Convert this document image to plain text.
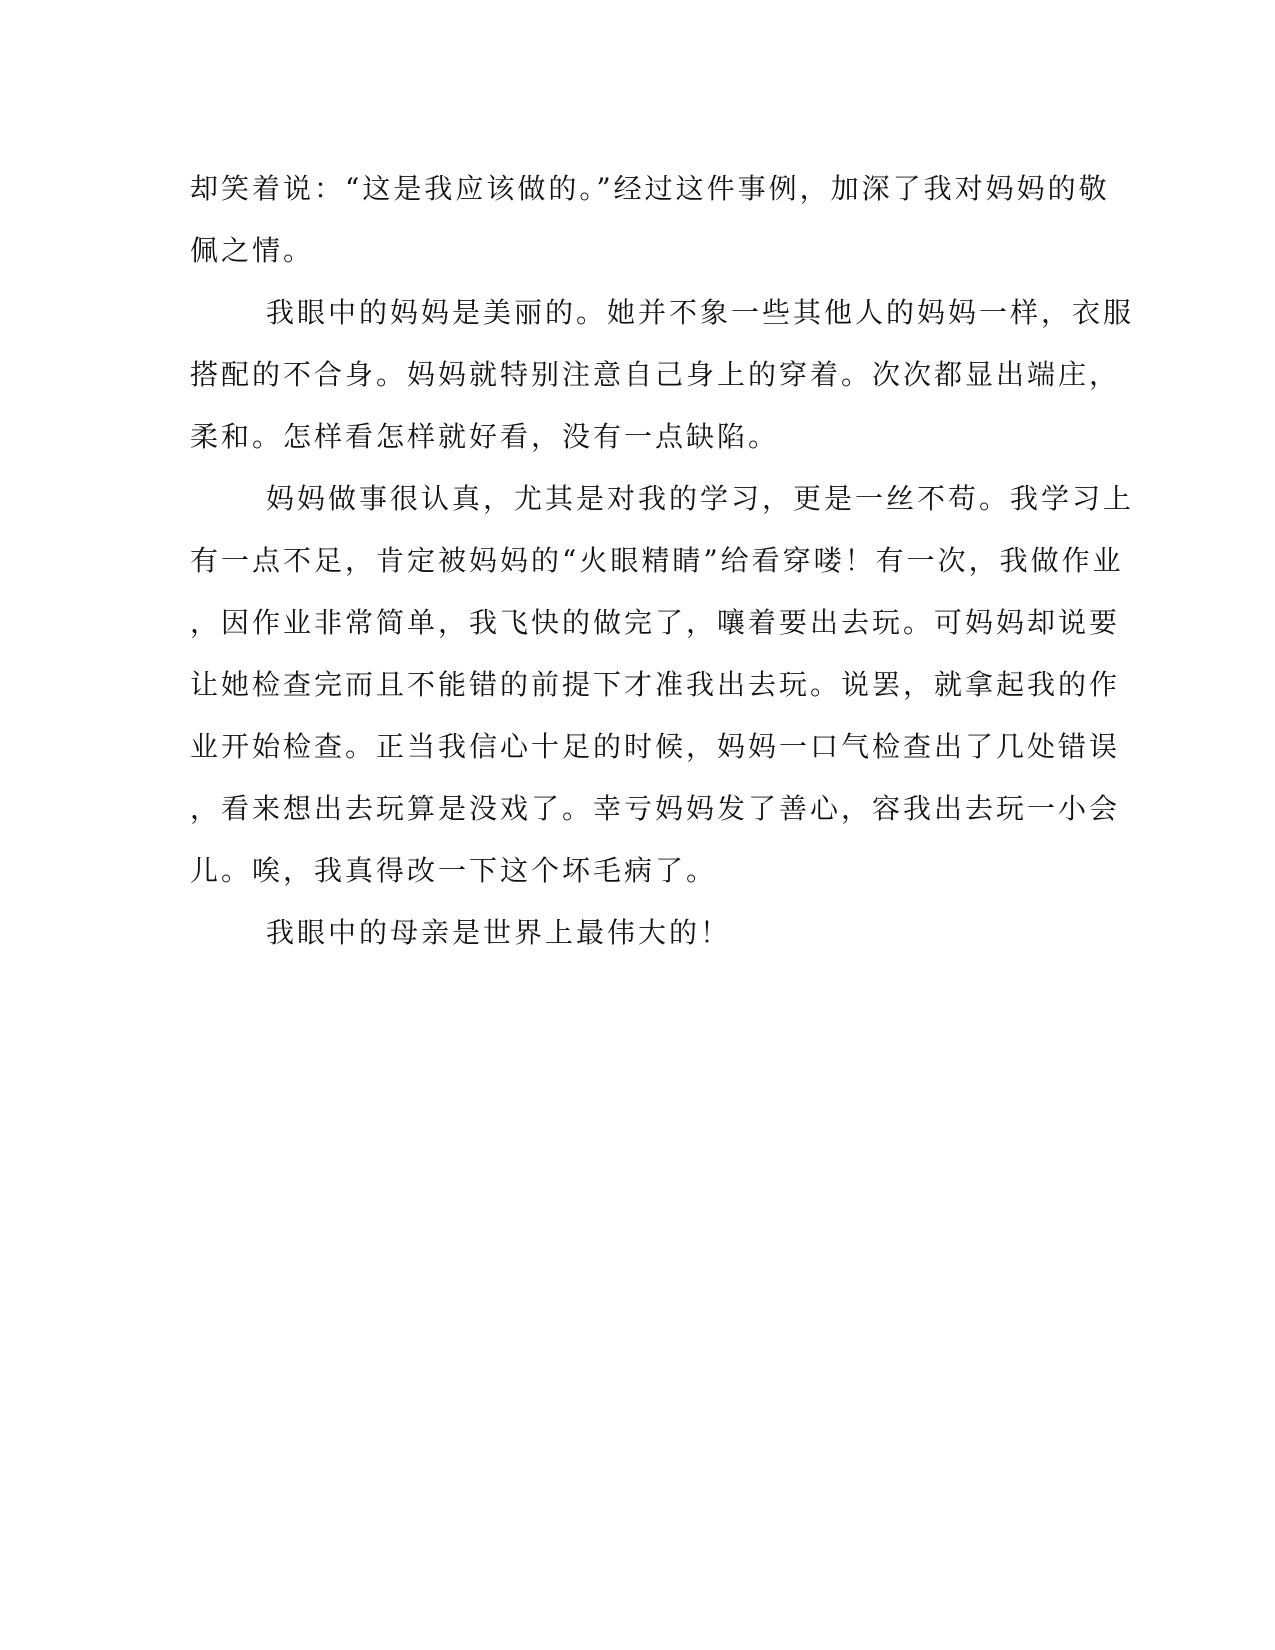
却笑着说：“这是我应该做的。”经过这件事例，加深了我对妈妈的敬
佩之情。
我眼中的妈妈是美丽的。她并不象一些其他人的妈妈一样，衣服
搭配的不合身。妈妈就特别注意自己身上的穿着。次次都显出端庄，
柔和。怎样看怎样就好看，没有一点缺陷。
妈妈做事很认真，尤其是对我的学习，更是一丝不苟。我学习上
有一点不足，肯定被妈妈的“火眼精睛”给看穿喽！有一次，我做作业
，因作业非常简单，我飞快的做完了，嚷着要出去玩。可妈妈却说要
让她检查完而且不能错的前提下才准我出去玩。说罢，就拿起我的作
业开始检查。正当我信心十足的时候，妈妈一口气检查出了几处错误
，看来想出去玩算是没戏了。幸亏妈妈发了善心，容我出去玩一小会
儿。唉，我真得改一下这个坏毛病了。
我眼中的母亲是世界上最伟大的！
